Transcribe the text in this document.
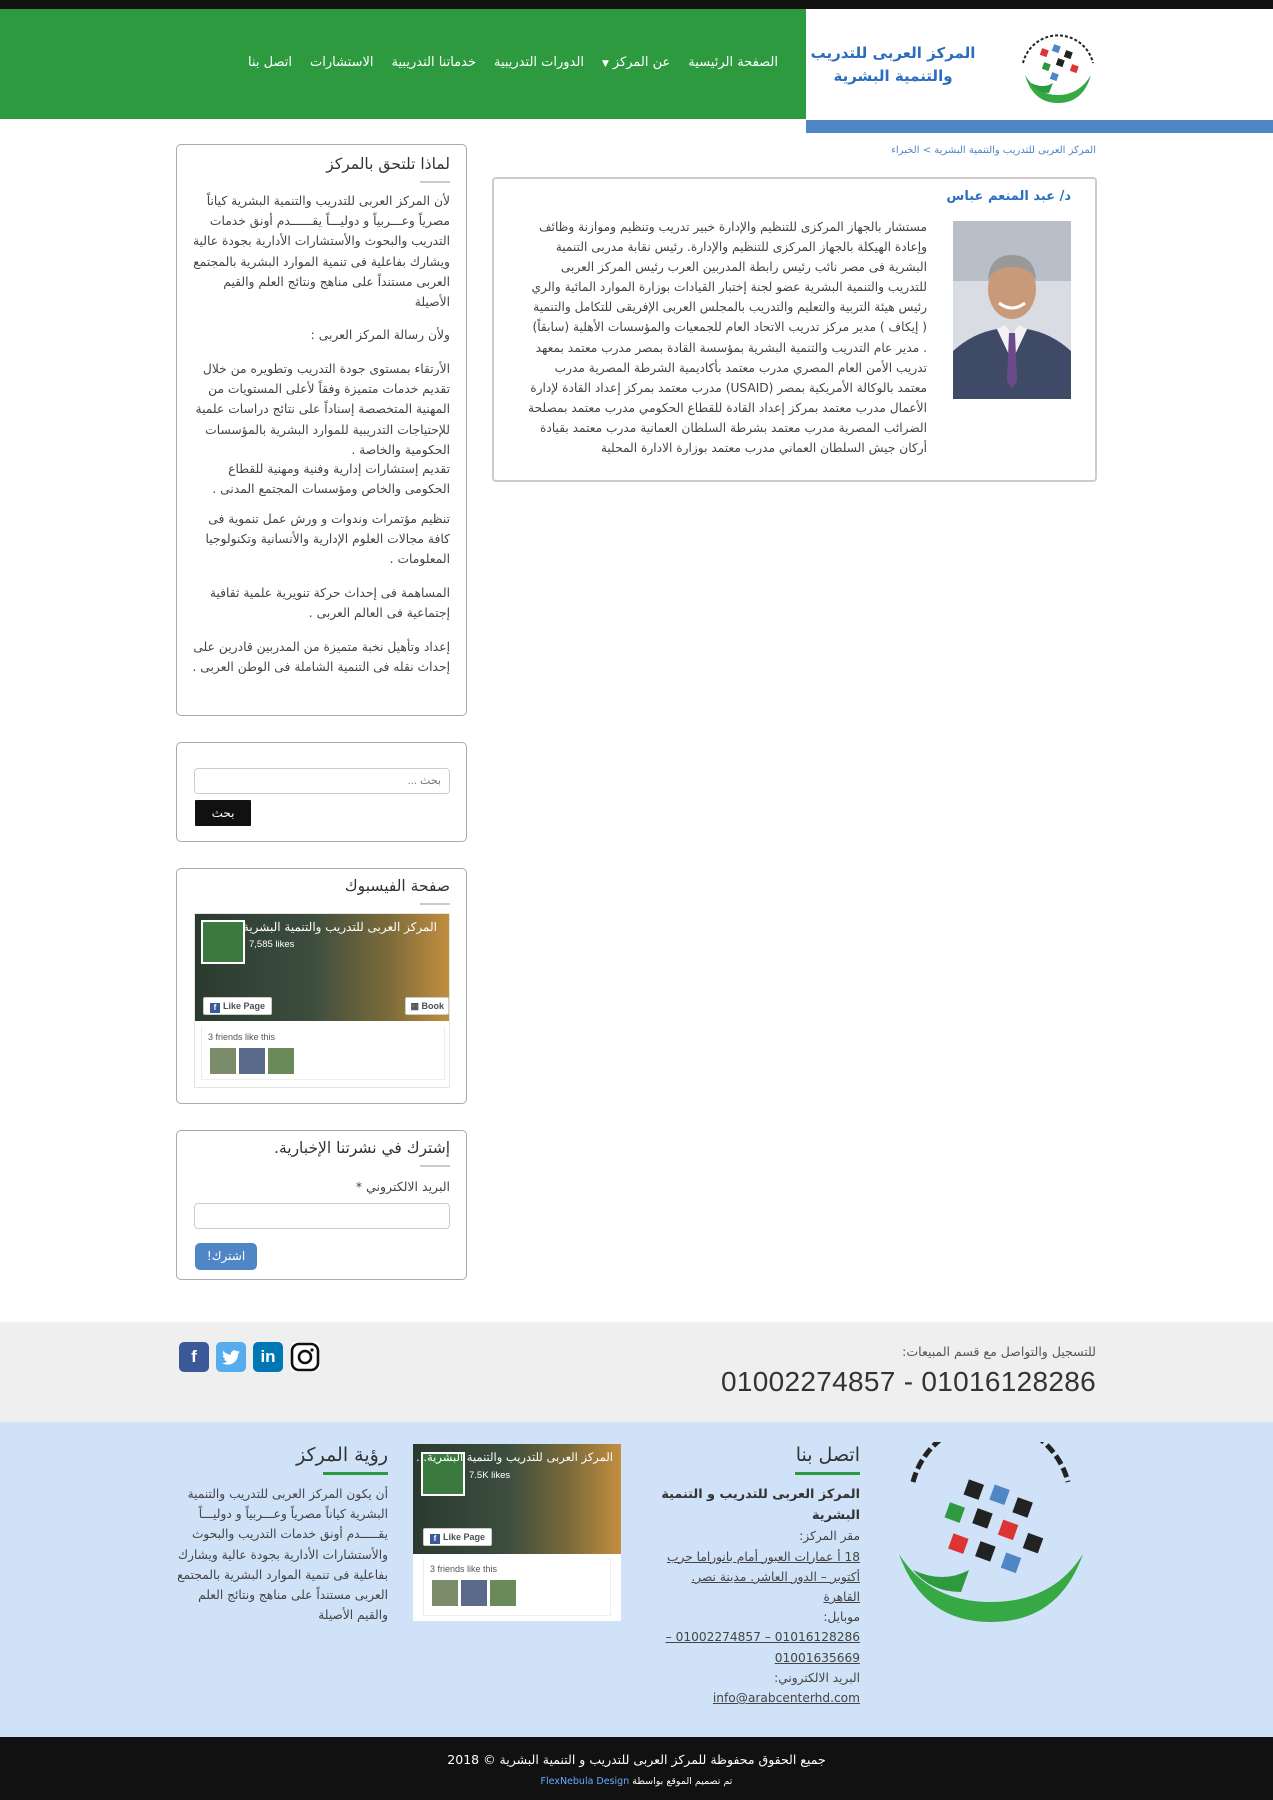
المركز العربى للتدريب
والتنمية البشرية
الصفحة الرئيسية
عن المركز▼
الدورات التدريبية
خدماتنا التدريبية
الاستشارات
اتصل بنا
المركز العربى للتدريب والتنمية البشرية > الخبراء
د/ عبد المنعم عباس

مستشار بالجهاز المركزى للتنظيم والإدارة خبير تدريب وتنظيم وموازنة وظائف وإعادة الهيكلة بالجهاز المركزى للتنظيم والإدارة. رئيس نقابة مدربى التنمية البشرية فى مصر نائب رئيس رابطة المدربين العرب رئيس المركز العربى للتدريب والتنمية البشرية عضو لجنة إختبار القيادات بوزارة الموارد المائية والري رئيس هيئة التربية والتعليم والتدريب بالمجلس العربى الإفريقى للتكامل والتنمية ( إيكاف ) مدير مركز تدريب الاتحاد العام للجمعيات والمؤسسات الأهلية (سابقاً) . مدير عام التدريب والتنمية البشرية بمؤسسة القادة بمصر مدرب معتمد بمعهد تدريب الأمن العام المصري مدرب معتمد بأكاديمية الشرطة المصرية مدرب معتمد بالوكالة الأمريكية بمصر (USAID) مدرب معتمد بمركز إعداد القادة لإدارة الأعمال مدرب معتمد بمركز إعداد القادة للقطاع الحكومي مدرب معتمد بمصلحة الضرائب المصرية مدرب معتمد بشرطة السلطان العمانية مدرب معتمد بقيادة أركان جيش السلطان العماني مدرب معتمد بوزارة الادارة المحلية

لماذا تلتحق بالمركز

لأن المركز العربى للتدريب والتنمية البشرية كياناً مصرياً وعـــربياً و دوليـــاً يقــــــدم أونق خدمات التدريب والبحوث والأستشارات الأدارية بجودة عالية ويشارك بفاعلية فى تنمية الموارد البشرية بالمجتمع العربى مستنداً على مناهج ونتائج العلم والقيم الأصيلة

ولأن رسالة المركز العربى :

الأرتقاء بمستوى جودة التدريب وتطويره من خلال تقديم خدمات متميزة وفقاً لأعلى المستويات من المهنية المتخصصة إسناداً على نتائج دراسات علمية للإحتياجات التدريبية للموارد البشرية بالمؤسسات الحكومية والخاصة .

تقديم إستشارات إدارية وفنية ومهنية للقطاع الحكومى والخاص ومؤسسات المجتمع المدنى .

تنظيم مؤتمرات وندوات و ورش عمل تنموية فى كافة مجالات العلوم الإدارية والأنسانية وتكنولوجيا المعلومات .

المساهمة فى إحداث حركة تنويرية علمية ثقافية إجتماعية فى العالم العربى .

إعداد وتأهيل نخبة متميزة من المدربين قادرين على إحداث نقله فى التنمية الشاملة فى الوطن العربى .

بحث ...
بحث
صفحة الفيسبوك
المركز العربى للتدريب والتنمية البشرية
7,585 likes
f Like Page	▦ Book
3 friends like this
إشترك في نشرتنا الإخبارية.
البريد الالكتروني *
اشترك!
للتسجيل والتواصل مع قسم المبيعات:
01002274857 - 01016128286
f	in
اتصل بنا
المركز العربى للتدريب و التنمية البشرية
مقر المركز:
18 أ عمارات العبور أمام بانوراما حرب أكتوبر – الدور العاشر. مدينة نصر. القاهرة
موبايل:
01016128286 – 01002274857 – 01001635669
البريد الالكتروني:
info@arabcenterhd.com
المركز العربى للتدريب والتنمية البشرية...
7.5K likes
f Like Page
3 friends like this
رؤية المركز

أن يكون المركز العربى للتدريب والتنمية البشرية كياناً مصرياً وعـــربياً و دوليـــاً يقـــــدم أونق خدمات التدريب والبحوث والأستشارات الأدارية بجودة عالية ويشارك بفاعلية فى تنمية الموارد البشرية بالمجتمع العربى مستنداً على مناهج ونتائج العلم والقيم الأصيلة

جميع الحقوق محفوظة للمركز العربى للتدريب و التنمية البشرية © 2018
تم تصميم الموقع بواسطة FlexNebula Design
